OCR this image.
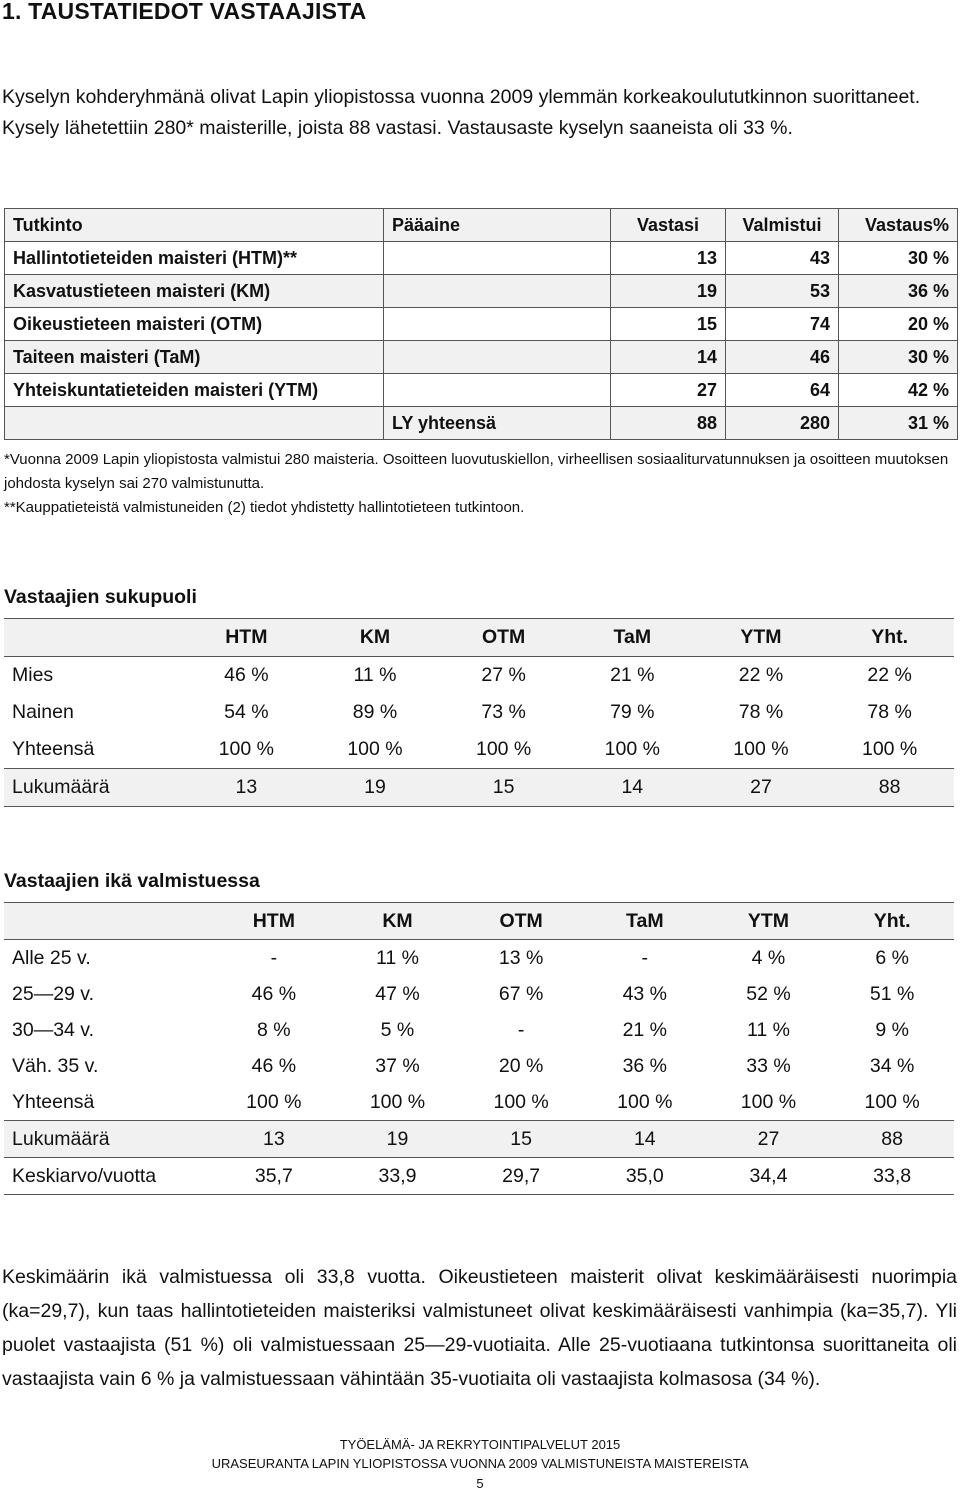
1. TAUSTATIEDOT VASTAAJISTA

Kyselyn kohderyhmänä olivat Lapin yliopistossa vuonna 2009 ylemmän korkeakoulututkinnon suorittaneet. Kysely lähetettiin 280* maisterille, joista 88 vastasi. Vastausaste kyselyn saaneista oli 33 %.

Tutkinto	Pääaine	Vastasi	Valmistui	Vastaus%
Hallintotieteiden maisteri (HTM)**		13	43	30 %
Kasvatustieteen maisteri (KM)		19	53	36 %
Oikeustieteen maisteri (OTM)		15	74	20 %
Taiteen maisteri (TaM)		14	46	30 %
Yhteiskuntatieteiden maisteri (YTM)		27	64	42 %
	LY yhteensä	88	280	31 %
*Vuonna 2009 Lapin yliopistosta valmistui 280 maisteria. Osoitteen luovutuskiellon, virheellisen sosiaaliturvatunnuksen ja osoitteen muutoksen johdosta kyselyn sai 270 valmistunutta.
**Kauppatieteistä valmistuneiden (2) tiedot yhdistetty hallintotieteen tutkintoon.
Vastaajien sukupuoli
	HTM	KM	OTM	TaM	YTM	Yht.
Mies	46 %	11 %	27 %	21 %	22 %	22 %
Nainen	54 %	89 %	73 %	79 %	78 %	78 %
Yhteensä	100 %	100 %	100 %	100 %	100 %	100 %
Lukumäärä	13	19	15	14	27	88
Vastaajien ikä valmistuessa
	HTM	KM	OTM	TaM	YTM	Yht.
Alle 25 v.	-	11 %	13 %	-	4 %	6 %
25—29 v.	46 %	47 %	67 %	43 %	52 %	51 %
30—34 v.	8 %	5 %	-	21 %	11 %	9 %
Väh. 35 v.	46 %	37 %	20 %	36 %	33 %	34 %
Yhteensä	100 %	100 %	100 %	100 %	100 %	100 %
Lukumäärä	13	19	15	14	27	88
Keskiarvo/vuotta	35,7	33,9	29,7	35,0	34,4	33,8

Keskimäärin ikä valmistuessa oli 33,8 vuotta. Oikeustieteen maisterit olivat keskimääräisesti nuorimpia (ka=29,7), kun taas hallintotieteiden maisteriksi valmistuneet olivat keskimääräisesti vanhimpia (ka=35,7). Yli puolet vastaajista (51 %) oli valmistuessaan 25—29-vuotiaita. Alle 25-vuotiaana tutkintonsa suorittaneita oli vastaajista vain 6 % ja valmistuessaan vähintään 35-vuotiaita oli vastaajista kolmasosa (34 %).

TYÖELÄMÄ- JA REKRYTOINTIPALVELUT 2015
URASEURANTA LAPIN YLIOPISTOSSA VUONNA 2009 VALMISTUNEISTA MAISTEREISTA
5
